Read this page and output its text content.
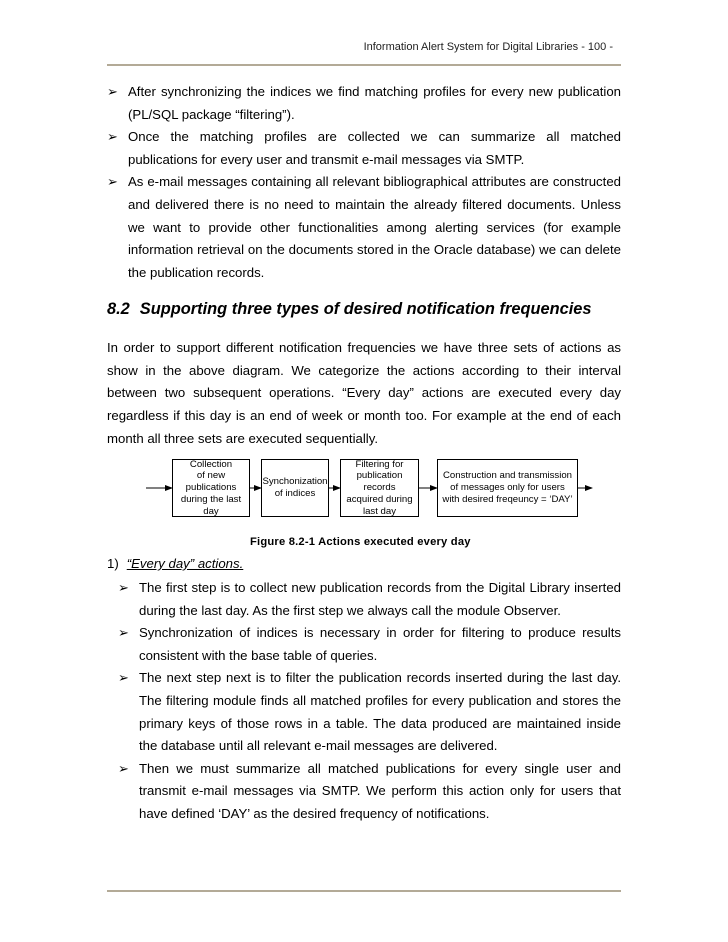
Information Alert System for Digital Libraries - 100 -
➢ After synchronizing the indices we find matching profiles for every new publication (PL/SQL package “filtering”).
➢ Once the matching profiles are collected we can summarize all matched publications for every user and transmit e-mail messages via SMTP.
➢ As e-mail messages containing all relevant bibliographical attributes are constructed and delivered there is no need to maintain the already filtered documents. Unless we want to provide other functionalities among alerting services (for example information retrieval on the documents stored in the Oracle database) we can delete the publication records.
8.2 Supporting three types of desired notification frequencies
In order to support different notification frequencies we have three sets of actions as show in the above diagram. We categorize the actions according to their interval between two subsequent operations. “Every day” actions are executed every day regardless if this day is an end of week or month too. For example at the end of each month all three sets are executed sequentially.
Collection
of new
publications
during the last day
Synchonization
of indices
Filtering for
publication records
acquired during
last day
Construction and transmission
of messages only for users
with desired freqeuncy = ‘DAY’
Figure 8.2-1 Actions executed every day
1) “Every day” actions.
➢ The first step is to collect new publication records from the Digital Library inserted during the last day. As the first step we always call the module Observer.
➢ Synchronization of indices is necessary in order for filtering to produce results consistent with the base table of queries.
➢ The next step next is to filter the publication records inserted during the last day. The filtering module finds all matched profiles for every publication and stores the primary keys of those rows in a table. The data produced are maintained inside the database until all relevant e-mail messages are delivered.
➢ Then we must summarize all matched publications for every single user and transmit e-mail messages via SMTP. We perform this action only for users that have defined ‘DAY’ as the desired frequency of notifications.
